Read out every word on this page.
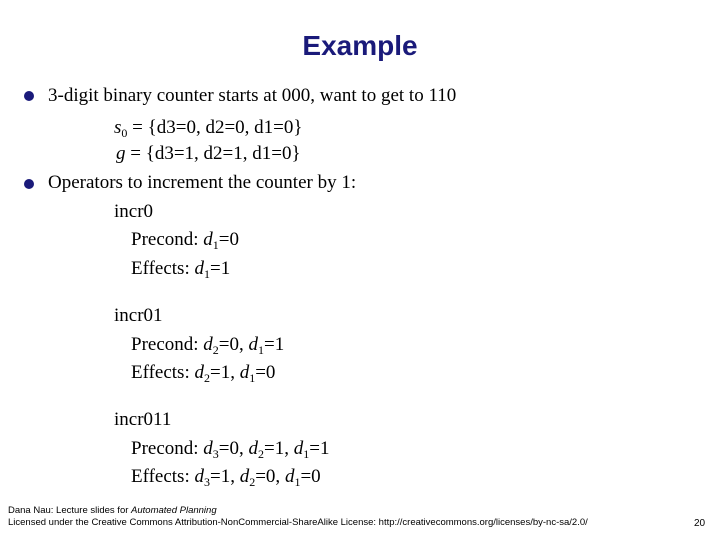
Example
3-digit binary counter starts at 000, want to get to 110
$s_0 = \{d3=0$, d2=0, d1=0}
g = {d3=1, d2=1, d1=0}
Operators to increment the counter by 1:
incr0
Precond: $d_1=0$
Effects: $d_1=1$
incr01
Precond: $d_2=0$, $d_1=1$
Effects: $d_2=1$, $d_1=0$
incr011
Precond: $d_3=0$, $d_2=1$, $d_1=1$
Effects: $d_3=1$, $d_2=0$, $d_1=0$
Dana Nau: Lecture slides for Automated Planning
Licensed under the Creative Commons Attribution-NonCommercial-ShareAlike License: http://creativecommons.org/licenses/by-nc-sa/2.0/	20
